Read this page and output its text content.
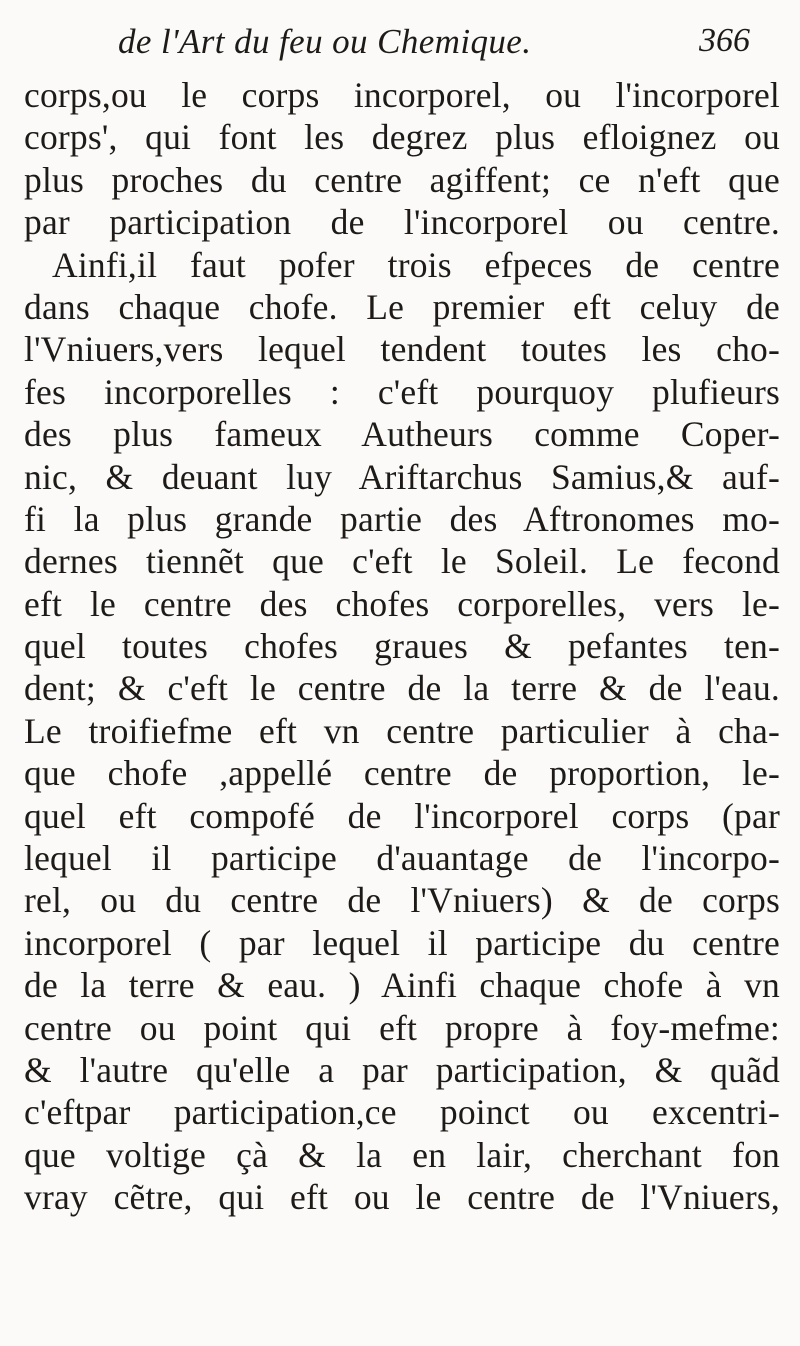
de l'Art du feu ou Chemique.	366
corps,ou le corps incorporel, ou l'incorporel
corps', qui font les degrez plus efloignez ou
plus proches du centre agiffent; ce n'eft que
par participation de l'incorporel ou centre.
Ainfi,il faut pofer trois efpeces de centre
dans chaque chofe. Le premier eft celuy de
l'Vniuers,vers lequel tendent toutes les cho-
fes incorporelles : c'eft pourquoy plufieurs
des plus fameux Autheurs comme Coper-
nic, & deuant luy Ariftarchus Samius,& auf-
fi la plus grande partie des Aftronomes mo-
dernes tiennẽt que c'eft le Soleil. Le fecond
eft le centre des chofes corporelles, vers le-
quel toutes chofes graues & pefantes ten-
dent; & c'eft le centre de la terre & de l'eau.
Le troifiefme eft vn centre particulier à cha-
que chofe ,appellé centre de proportion, le-
quel eft compofé de l'incorporel corps (par
lequel il participe d'auantage de l'incorpo-
rel, ou du centre de l'Vniuers) & de corps
incorporel ( par lequel il participe du centre
de la terre & eau. ) Ainfi chaque chofe à vn
centre ou point qui eft propre à foy-mefme:
& l'autre qu'elle a par participation, & quãd
c'eftpar participation,ce poinct ou excentri-
que voltige çà & la en lair, cherchant fon
vray cẽtre, qui eft ou le centre de l'Vniuers,
